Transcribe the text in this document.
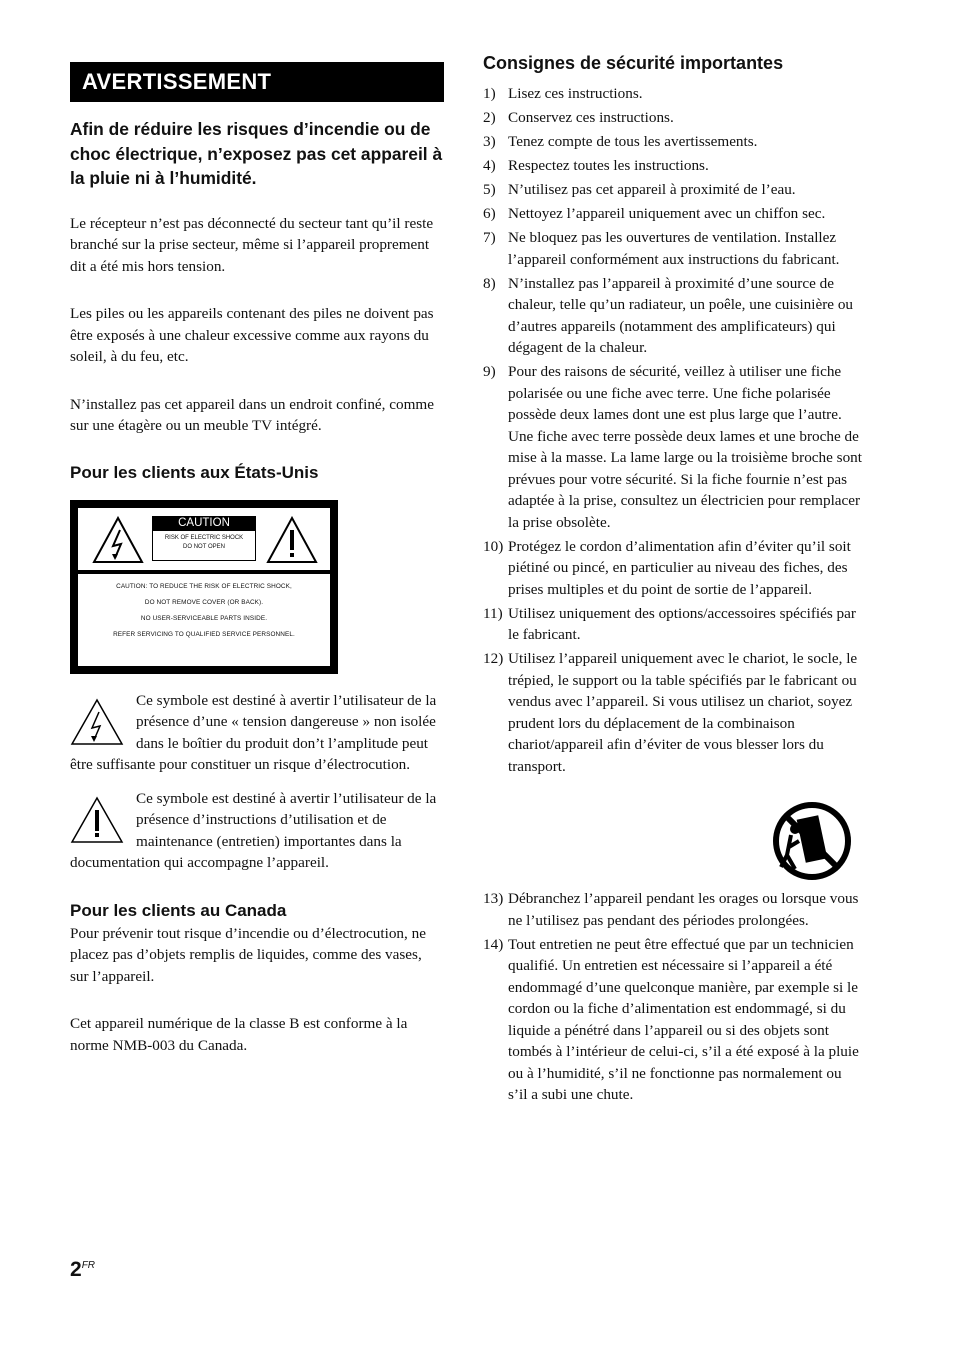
AVERTISSEMENT
Afin de réduire les risques d’incendie ou de choc électrique, n’exposez pas cet appareil à la pluie ni à l’humidité.

Le récepteur n’est pas déconnecté du secteur tant qu’il reste branché sur la prise secteur, même si l’appareil proprement dit a été mis hors tension.

Les piles ou les appareils contenant des piles ne doivent pas être exposés à une chaleur excessive comme aux rayons du soleil, à du feu, etc.

N’installez pas cet appareil dans un endroit confiné, comme sur une étagère ou un meuble TV intégré.

Pour les clients aux États-Unis
CAUTION
RISK OF ELECTRIC SHOCK
DO NOT OPEN
CAUTION: TO REDUCE THE RISK OF ELECTRIC SHOCK,
DO NOT REMOVE COVER (OR BACK).
NO USER-SERVICEABLE PARTS INSIDE.
REFER SERVICING TO QUALIFIED SERVICE PERSONNEL.

Ce symbole est destiné à avertir l’utilisateur de la présence d’une « tension dangereuse » non isolée dans le boîtier du produit don’t l’amplitude peut être suffisante pour constituer un risque d’électrocution.

Ce symbole est destiné à avertir l’utilisateur de la présence d’instructions d’utilisation et de maintenance (entretien) importantes dans la documentation qui accompagne l’appareil.

Pour les clients au Canada

Pour prévenir tout risque d’incendie ou d’électrocution, ne placez pas d’objets remplis de liquides, comme des vases, sur l’appareil.

Cet appareil numérique de la classe B est conforme à la norme NMB-003 du Canada.

Consignes de sécurité importantes
1) Lisez ces instructions.
2) Conservez ces instructions.
3) Tenez compte de tous les avertissements.
4) Respectez toutes les instructions.
5) N’utilisez pas cet appareil à proximité de l’eau.
6) Nettoyez l’appareil uniquement avec un chiffon sec.
7) Ne bloquez pas les ouvertures de ventilation. Installez l’appareil conformément aux instructions du fabricant.
8) N’installez pas l’appareil à proximité d’une source de chaleur, telle qu’un radiateur, un poêle, une cuisinière ou d’autres appareils (notamment des amplificateurs) qui dégagent de la chaleur.
9) Pour des raisons de sécurité, veillez à utiliser une fiche polarisée ou une fiche avec terre. Une fiche polarisée possède deux lames dont une est plus large que l’autre. Une fiche avec terre possède deux lames et une broche de mise à la masse. La lame large ou la troisième broche sont prévues pour votre sécurité. Si la fiche fournie n’est pas adaptée à la prise, consultez un électricien pour remplacer la prise obsolète.
10) Protégez le cordon d’alimentation afin d’éviter qu’il soit piétiné ou pincé, en particulier au niveau des fiches, des prises multiples et du point de sortie de l’appareil.
11) Utilisez uniquement des options/accessoires spécifiés par le fabricant.
12) Utilisez l’appareil uniquement avec le chariot, le socle, le trépied, le support ou la table spécifiés par le fabricant ou vendus avec l’appareil. Si vous utilisez un chariot, soyez prudent lors du déplacement de la combinaison chariot/appareil afin d’éviter de vous blesser lors du transport.
13) Débranchez l’appareil pendant les orages ou lorsque vous ne l’utilisez pas pendant des périodes prolongées.
14) Tout entretien ne peut être effectué que par un technicien qualifié. Un entretien est nécessaire si l’appareil a été endommagé d’une quelconque manière, par exemple si le cordon ou la fiche d’alimentation est endommagé, si du liquide a pénétré dans l’appareil ou si des objets sont tombés à l’intérieur de celui-ci, s’il a été exposé à la pluie ou à l’humidité, s’il ne fonctionne pas normalement ou s’il a subi une chute.
$2^{FR}$
